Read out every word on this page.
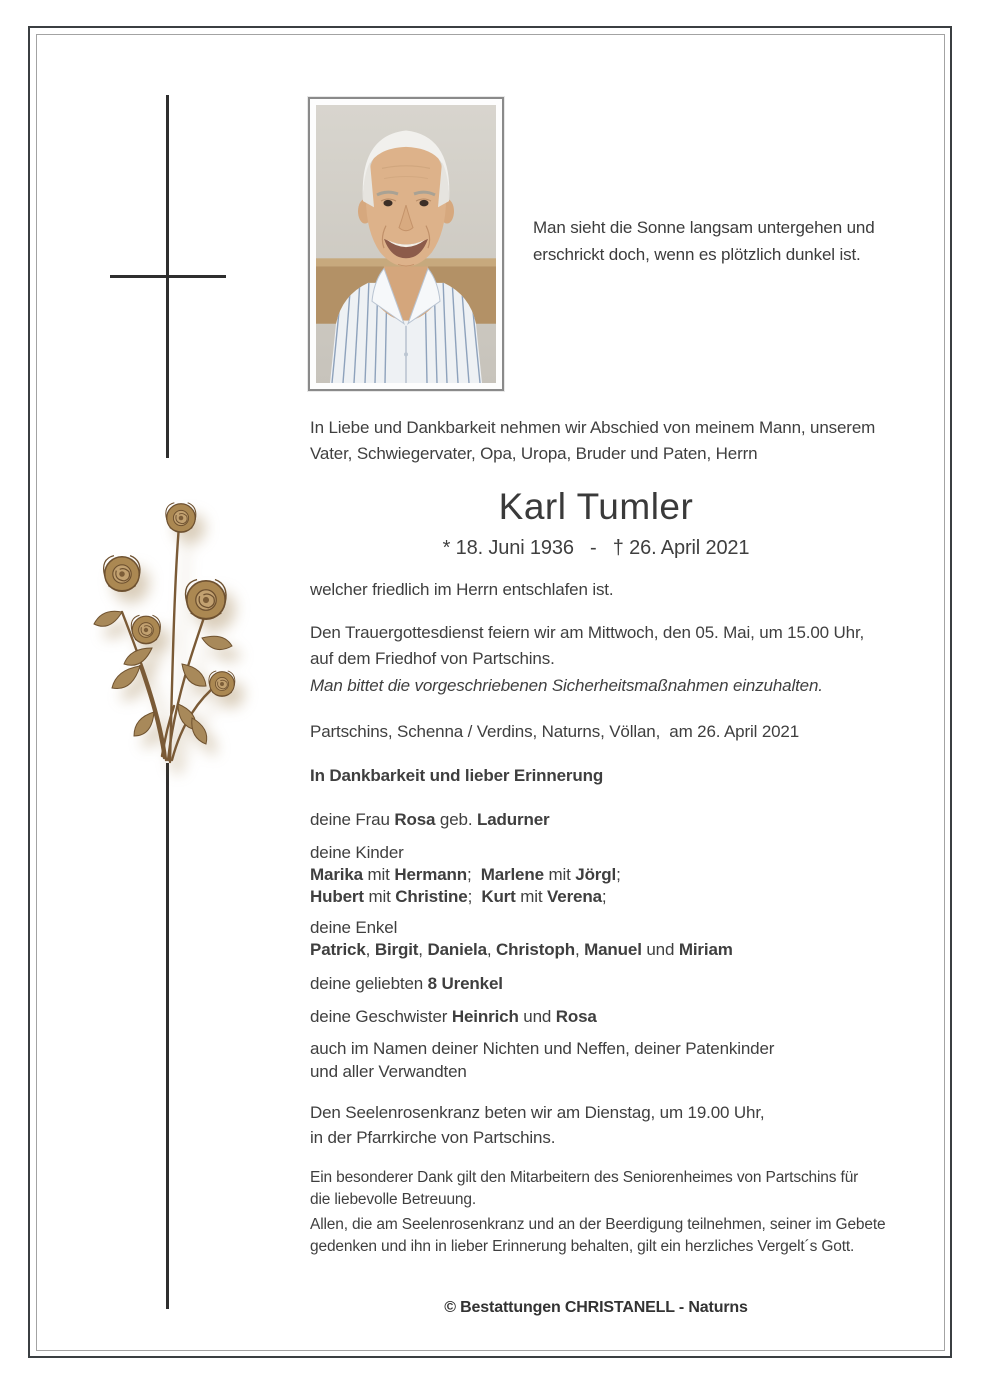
Man sieht die Sonne langsam untergehen und
erschrickt doch, wenn es plötzlich dunkel ist.
In Liebe und Dankbarkeit nehmen wir Abschied von meinem Mann, unserem
Vater, Schwiegervater, Opa, Uropa, Bruder und Paten, Herrn
Karl Tumler
* 18. Juni 1936   -   † 26. April 2021
welcher friedlich im Herrn entschlafen ist.
Den Trauergottesdienst feiern wir am Mittwoch, den 05. Mai, um 15.00 Uhr,
auf dem Friedhof von Partschins.
Man bittet die vorgeschriebenen Sicherheitsmaßnahmen einzuhalten.
Partschins, Schenna / Verdins, Naturns, Völlan,  am 26. April 2021
In Dankbarkeit und lieber Erinnerung
deine Frau Rosa geb. Ladurner
deine Kinder
Marika mit Hermann;  Marlene mit Jörgl;
Hubert mit Christine;  Kurt mit Verena;
deine Enkel
Patrick, Birgit, Daniela, Christoph, Manuel und Miriam
deine geliebten 8 Urenkel
deine Geschwister Heinrich und Rosa
auch im Namen deiner Nichten und Neffen, deiner Patenkinder
und aller Verwandten
Den Seelenrosenkranz beten wir am Dienstag, um 19.00 Uhr,
in der Pfarrkirche von Partschins.
Ein besonderer Dank gilt den Mitarbeitern des Seniorenheimes von Partschins für
die liebevolle Betreuung.
Allen, die am Seelenrosenkranz und an der Beerdigung teilnehmen, seiner im Gebete
gedenken und ihn in lieber Erinnerung behalten, gilt ein herzliches Vergelt´s Gott.
© Bestattungen CHRISTANELL - Naturns
